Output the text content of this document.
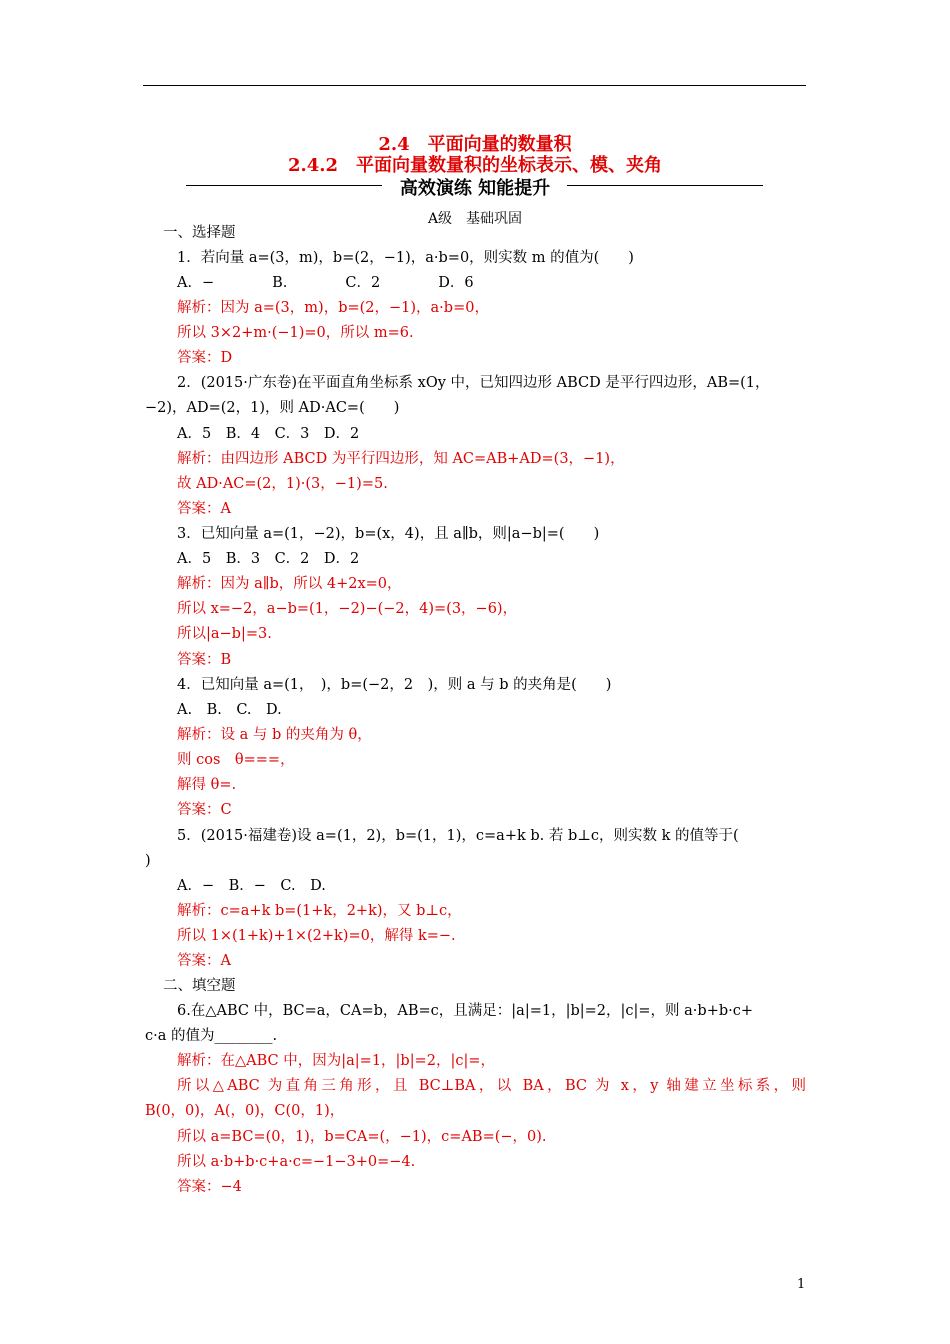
2.4　平面向量的数量积
2.4.2　平面向量数量积的坐标表示、模、夹角
高效演练 知能提升
A级　基础巩固
一、选择题
1．若向量 a=(3，m)，b=(2，−1)，a·b=0，则实数 m 的值为(　　)
A．−　　　　B.　　　　C．2　　　　D．6
解析：因为 a=(3，m)，b=(2，−1)，a·b=0，
所以 3×2+m·(−1)=0，所以 m=6.
答案：D
2．(2015·广东卷)在平面直角坐标系 xOy 中，已知四边形 ABCD 是平行四边形，AB=(1，
−2)，AD=(2，1)，则 AD·AC=(　　)
A．5　B．4　C．3　D．2
解析：由四边形 ABCD 为平行四边形，知 AC=AB+AD=(3，−1)，
故 AD·AC=(2，1)·(3，−1)=5.
答案：A
3．已知向量 a=(1，−2)，b=(x，4)，且 a∥b，则|a−b|=(　　)
A．5　B．3　C．2　D．2
解析：因为 a∥b，所以 4+2x=0，
所以 x=−2，a−b=(1，−2)−(−2，4)=(3，−6)，
所以|a−b|=3.
答案：B
4．已知向量 a=(1，　)，b=(−2，2　)，则 a 与 b 的夹角是(　　)
A.　B.　C.　D.
解析：设 a 与 b 的夹角为 θ，
则 cos　θ===，
解得 θ=.
答案：C
5．(2015·福建卷)设 a=(1，2)，b=(1，1)，c=a+k b. 若 b⊥c，则实数 k 的值等于(
)
A．−　B．−　C.　D.
解析：c=a+k b=(1+k，2+k)，又 b⊥c，
所以 1×(1+k)+1×(2+k)=0，解得 k=−.
答案：A
二、填空题
6.在△ABC 中，BC=a，CA=b，AB=c，且满足：|a|=1，|b|=2，|c|=，则 a·b+b·c+
c·a 的值为________.
解析：在△ABC 中，因为|a|=1，|b|=2，|c|=，
所以△ABC 为直角三角形，且 BC⊥BA，以 BA，BC 为 x，y 轴建立坐标系，则
B(0，0)，A(，0)，C(0，1)，
所以 a=BC=(0，1)，b=CA=(，−1)，c=AB=(−，0).
所以 a·b+b·c+a·c=−1−3+0=−4.
答案：−4
1
